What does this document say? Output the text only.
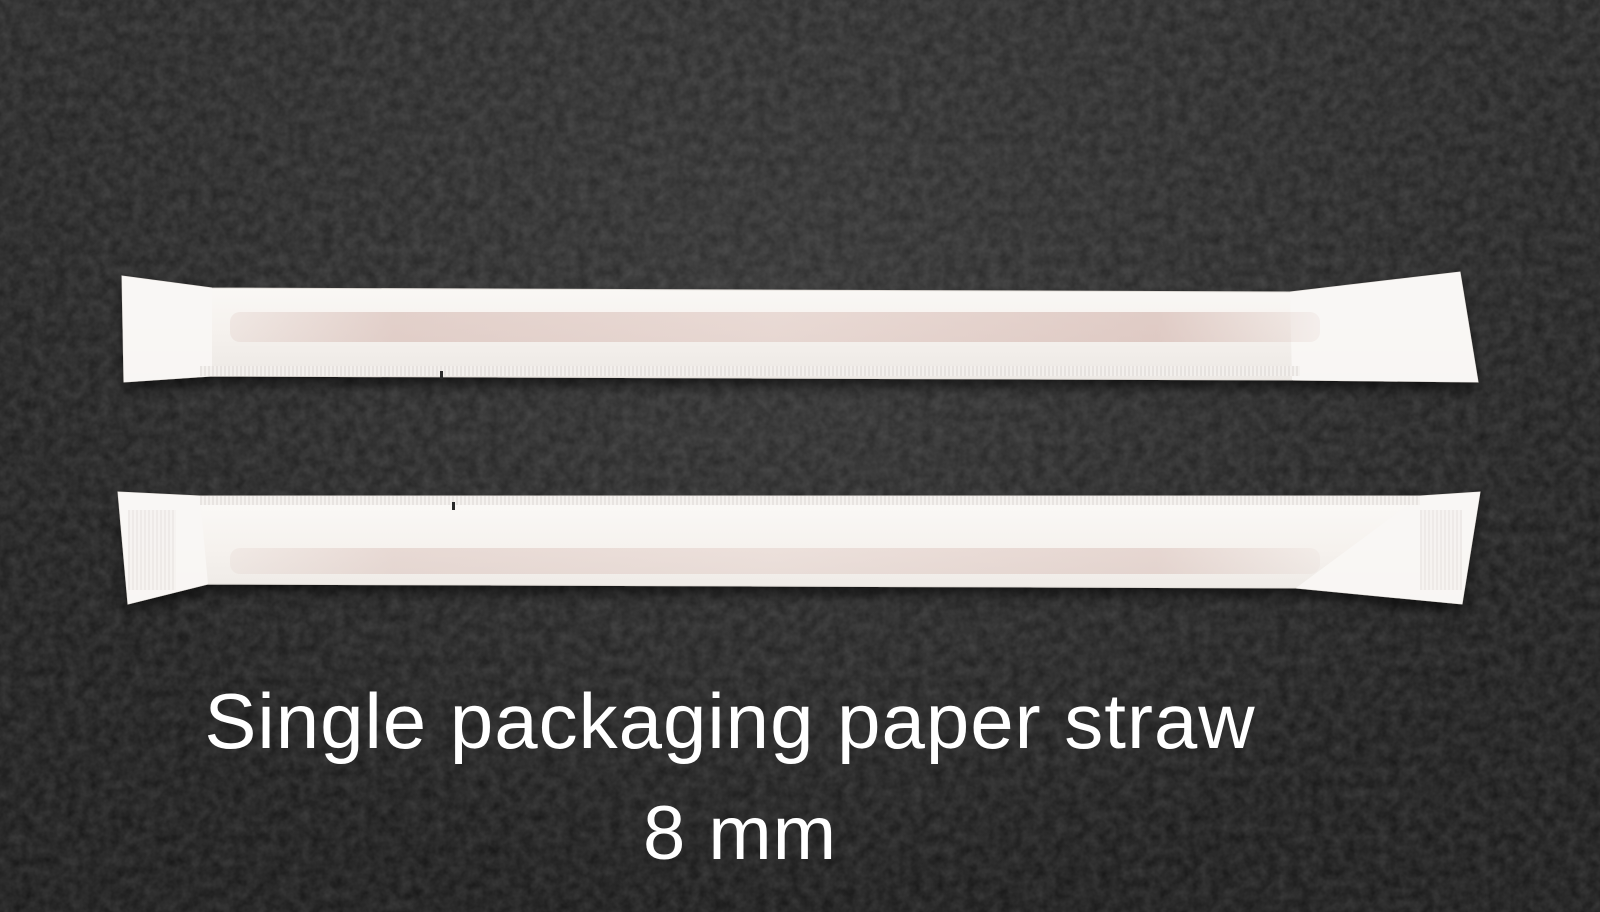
Single packaging paper straw

8 mm
